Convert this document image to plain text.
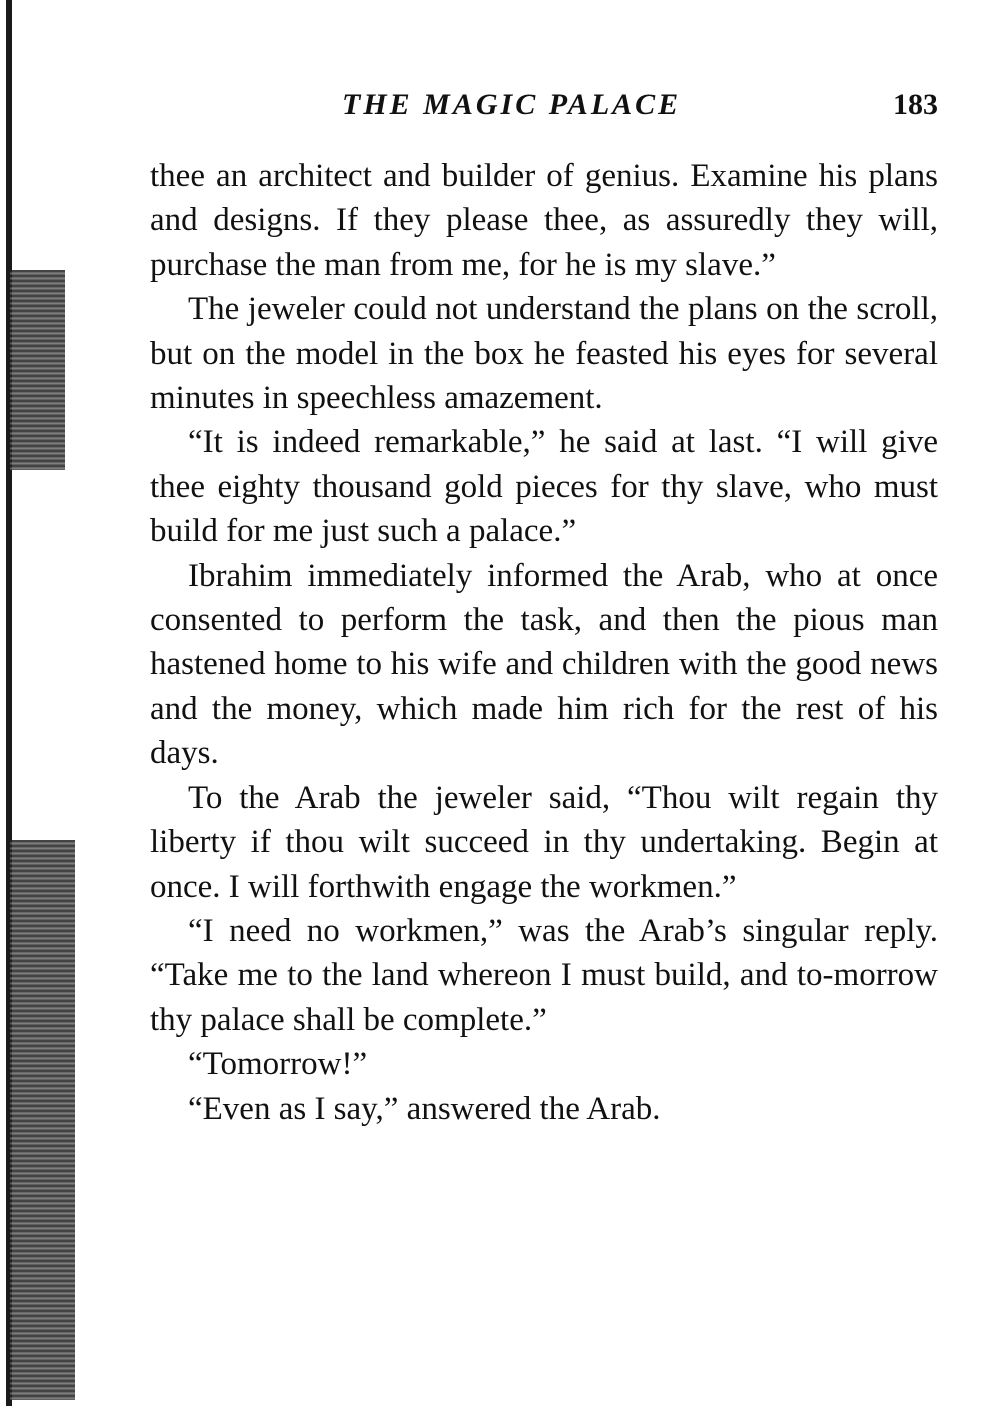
THE MAGIC PALACE	183

thee an architect and builder of genius. Examine his plans and designs. If they please thee, as assuredly they will, purchase the man from me, for he is my slave.”

The jeweler could not understand the plans on the scroll, but on the model in the box he feasted his eyes for several minutes in speechless amazement.

“It is indeed remarkable,” he said at last. “I will give thee eighty thousand gold pieces for thy slave, who must build for me just such a palace.”

Ibrahim immediately informed the Arab, who at once consented to perform the task, and then the pious man hastened home to his wife and children with the good news and the money, which made him rich for the rest of his days.

To the Arab the jeweler said, “Thou wilt regain thy liberty if thou wilt succeed in thy undertaking. Begin at once. I will forthwith engage the workmen.”

“I need no workmen,” was the Arab’s singular reply. “Take me to the land whereon I must build, and to-morrow thy palace shall be complete.”

“Tomorrow!”

“Even as I say,” answered the Arab.
